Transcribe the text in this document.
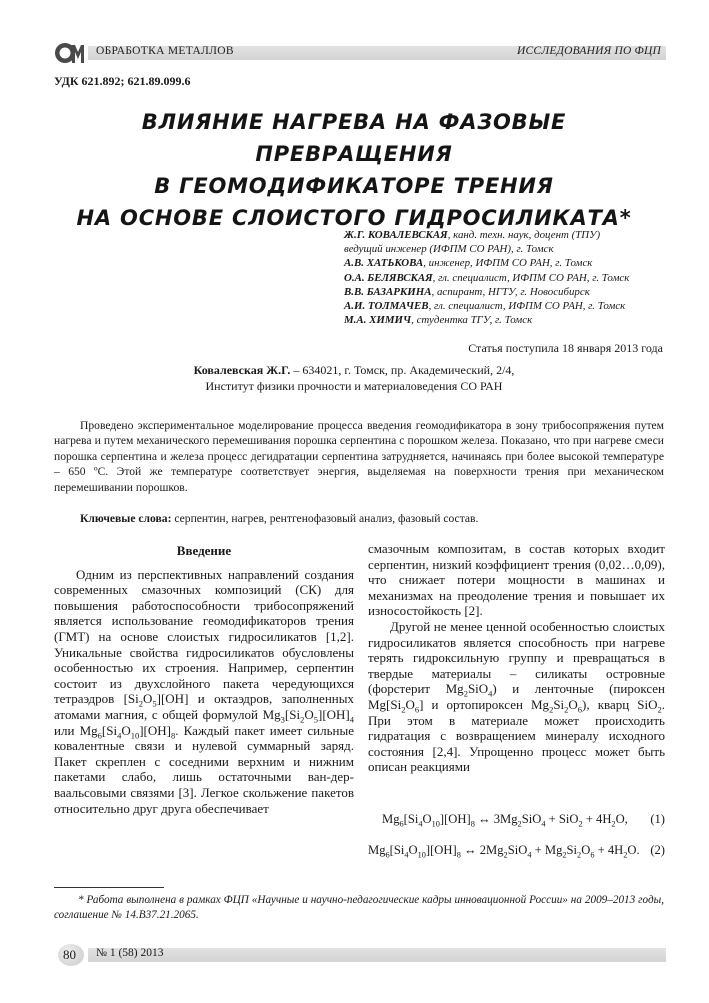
ОБРАБОТКА МЕТАЛЛОВ	ИССЛЕДОВАНИЯ ПО ФЦП
УДК 621.892; 621.89.099.6
ВЛИЯНИЕ НАГРЕВА НА ФАЗОВЫЕ ПРЕВРАЩЕНИЯ
В ГЕОМОДИФИКАТОРЕ ТРЕНИЯ
НА ОСНОВЕ СЛОИСТОГО ГИДРОСИЛИКАТА*
Ж.Г. КОВАЛЕВСКАЯ, канд. техн. наук, доцент (ТПУ)
ведущий инженер (ИФПМ СО РАН), г. Томск
А.В. ХАТЬКОВА, инженер, ИФПМ СО РАН, г. Томск
О.А. БЕЛЯВСКАЯ, гл. специалист, ИФПМ СО РАН, г. Томск
В.В. БАЗАРКИНА, аспирант, НГТУ, г. Новосибирск
А.И. ТОЛМАЧЕВ, гл. специалист, ИФПМ СО РАН, г. Томск
М.А. ХИМИЧ, студентка ТГУ, г. Томск
Статья поступила 18 января 2013 года
Ковалевская Ж.Г. – 634021, г. Томск, пр. Академический, 2/4,
Институт физики прочности и материаловедения СО РАН
Проведено экспериментальное моделирование процесса введения геомодификатора в зону трибосопряжения путем нагрева и путем механического перемешивания порошка серпентина с порошком железа. Показано, что при нагреве смеси порошка серпентина и железа процесс дегидратации серпентина затрудняется, начинаясь при более высокой температуре – 650 ºС. Этой же температуре соответствует энергия, выделяемая на поверхности трения при механическом перемешивании порошков.
Ключевые слова: серпентин, нагрев, рентгенофазовый анализ, фазовый состав.
Введение

Одним из перспективных направлений создания современных смазочных композиций (СК) для повышения работоспособности трибосопряжений является использование геомодификаторов трения (ГМТ) на основе слоистых гидросиликатов [1,2]. Уникальные свойства гидросиликатов обусловлены особенностью их строения. Например, серпентин состоит из двухслойного пакета чередующихся тетраэдров $[Si_2O_5][OH]$ и октаэдров, заполненных атомами магния, с общей формулой $Mg_3[Si_2O_5][OH]_4$ или $Mg_6[Si_4O_{10}][OH]_8$. Каждый пакет имеет сильные ковалентные связи и нулевой суммарный заряд. Пакет скреплен с соседними верхним и нижним пакетами слабо, лишь остаточными ван-дер-ваальсовыми связями [3]. Легкое скольжение пакетов относительно друг друга обеспечивает

смазочным композитам, в состав которых входит серпентин, низкий коэффициент трения (0,02…0,09), что снижает потери мощности в машинах и механизмах на преодоление трения и повышает их износостойкость [2].

Другой не менее ценной особенностью слоистых гидросиликатов является способность при нагреве терять гидроксильную группу и превращаться в твердые материалы – силикаты островные (форстерит $Mg_2SiO_4$) и ленточные (пироксен $Mg[Si_2O_6]$ и ортопироксен $Mg_2Si_2O_6$), кварц SiO$_2$. При этом в материале может происходить гидратация с возвращением минералу исходного состояния [2,4]. Упрощенно процесс может быть описан реакциями

$Mg_6[Si_4O_{10}][OH]_8$ ↔ $3Mg_2SiO_4 + SiO_2 + 4H_2O$, (1)
$Mg_6[Si_4O_{10}][OH]_8$ ↔ $2Mg_2SiO_4 + Mg_2Si_2O_6 + 4H_2O$. (2)
* Работа выполнена в рамках ФЦП «Научные и научно-педагогические кадры инновационной России» на 2009–2013 годы, соглашение № 14.В37.21.2065.
80 № 1 (58) 2013
